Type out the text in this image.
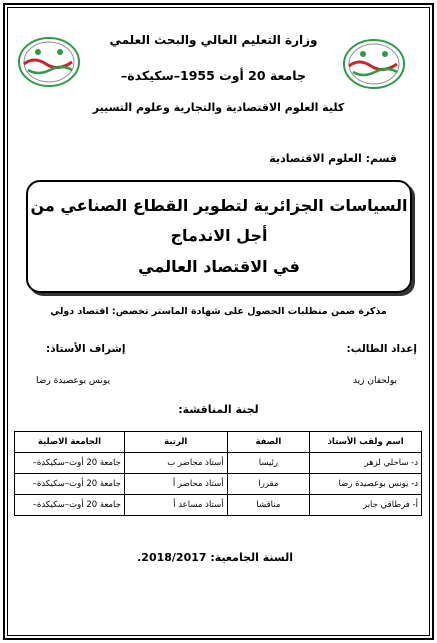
وزارة التعليم العالي والبحث العلمي
جامعة 20 أوت 1955–سكيكدة–
كلية العلوم الاقتصادية والتجارية وعلوم التسيير
قسم: العلوم الاقتصادية
السياسات الجزائرية لتطوير القطاع الصناعي من أجل الاندماج
في الاقتصاد العالمي
مذكرة ضمن متطلبات الحصول على شهادة الماستر تخصص: اقتصاد دولي
إعداد الطالب:
إشراف الأستاذ:
بولحفان زيد
يونس بوعصيدة رضا
لجنة المناقشة:
اسم ولقب الأستاذ	الصفة	الرتبة	الجامعة الاصلية
د- ساحلي لزهر	رئيسا	أستاذ محاضر ب	جامعة 20 أوت–سكيكدة–
د- يونس بوعصيدة رضا	مقررا	أستاذ محاضر أ	جامعة 20 أوت–سكيكدة–
أ- فرطاقي جابر	مناقشا	أستاذ مساعد أ	جامعة 20 أوت–سكيكدة–
السنة الجامعية: 2018/2017.
